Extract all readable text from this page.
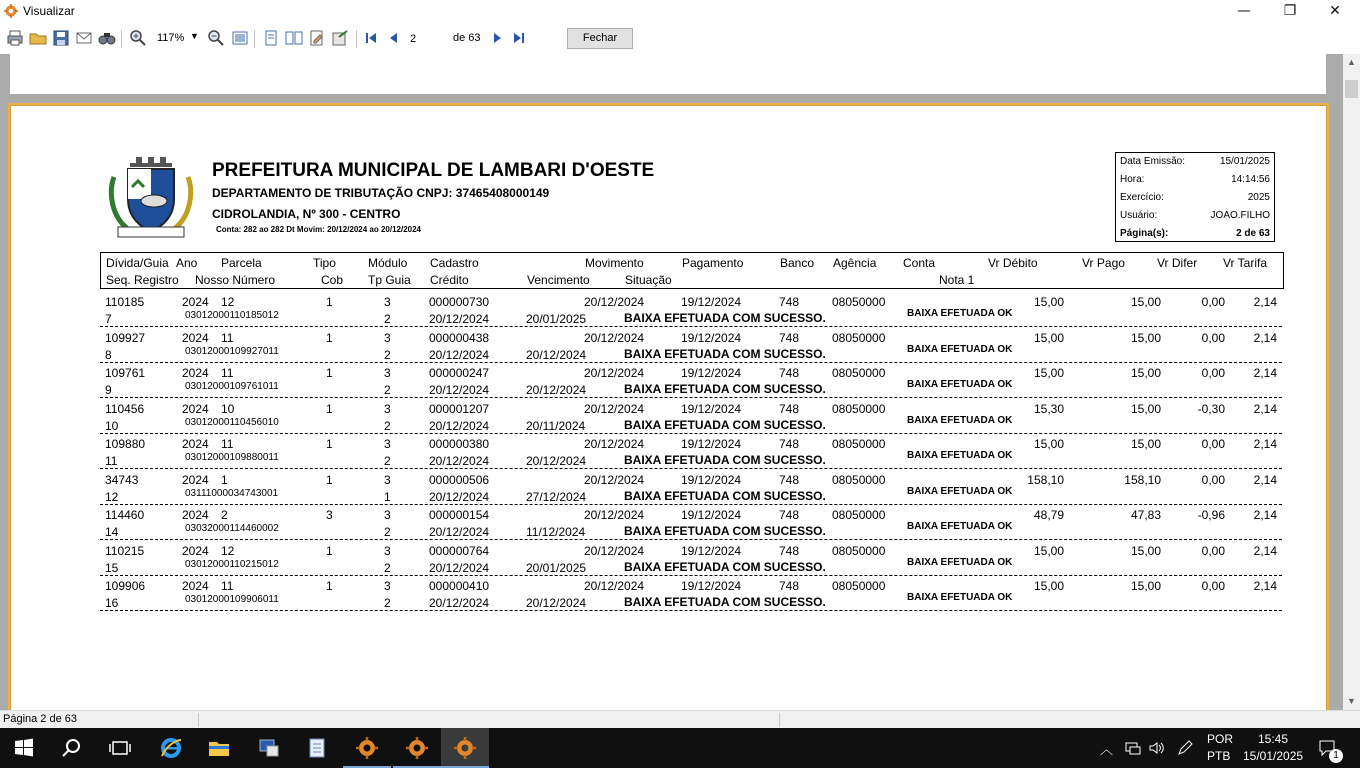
Visualizar	—	❐	✕
117% ▼
2	de 63	Fechar
PREFEITURA MUNICIPAL DE LAMBARI D'OESTE
DEPARTAMENTO DE TRIBUTAÇÃO CNPJ: 37465408000149
CIDROLANDIA, Nº 300 - CENTRO
Conta: 282 ao 282 Dt Movim: 20/12/2024 ao 20/12/2024
Data Emissão:	15/01/2025
Hora:	14:14:56
Exercício:	2025
Usuário:	JOAO.FILHO
Página(s):	2 de 63
Dívida/Guia Ano Parcela	Tipo	Módulo Cadastro	Movimento	Pagamento	Banco Agência Conta	Vr Débito	Vr Pago	Vr Difer Vr Tarifa
Seq. Registro Nosso Número	Cob Tp Guia Crédito	Vencimento	Situação	Nota 1
110185	2024 12	1	3	000000730	20/12/2024	19/12/2024	748	08050000	15,00	15,00	0,00 2,14
7	03012000110185012	2	20/12/2024	20/01/2025	BAIXA EFETUADA COM SUCESSO.	BAIXA EFETUADA OK
109927	2024 11	1	3	000000438	20/12/2024	19/12/2024	748	08050000	15,00	15,00	0,00 2,14
8	03012000109927011	2	20/12/2024	20/12/2024	BAIXA EFETUADA COM SUCESSO.	BAIXA EFETUADA OK
109761	2024 11	1	3	000000247	20/12/2024	19/12/2024	748	08050000	15,00	15,00	0,00 2,14
9	03012000109761011	2	20/12/2024	20/12/2024	BAIXA EFETUADA COM SUCESSO.	BAIXA EFETUADA OK
110456	2024 10	1	3	000001207	20/12/2024	19/12/2024	748	08050000	15,30	15,00	-0,30 2,14
10	03012000110456010	2	20/12/2024	20/11/2024	BAIXA EFETUADA COM SUCESSO.	BAIXA EFETUADA OK
109880	2024 11	1	3	000000380	20/12/2024	19/12/2024	748	08050000	15,00	15,00	0,00 2,14
11	03012000109880011	2	20/12/2024	20/12/2024	BAIXA EFETUADA COM SUCESSO.	BAIXA EFETUADA OK
34743	2024 1	1	3	000000506	20/12/2024	19/12/2024	748	08050000	158,10	158,10	0,00 2,14
12	03111000034743001	1	20/12/2024	27/12/2024	BAIXA EFETUADA COM SUCESSO.	BAIXA EFETUADA OK
114460	2024 2	3	3	000000154	20/12/2024	19/12/2024	748	08050000	48,79	47,83	-0,96 2,14
14	03032000114460002	2	20/12/2024	11/12/2024	BAIXA EFETUADA COM SUCESSO.	BAIXA EFETUADA OK
110215	2024 12	1	3	000000764	20/12/2024	19/12/2024	748	08050000	15,00	15,00	0,00 2,14
15	03012000110215012	2	20/12/2024	20/01/2025	BAIXA EFETUADA COM SUCESSO.	BAIXA EFETUADA OK
109906	2024 11	1	3	000000410	20/12/2024	19/12/2024	748	08050000	15,00	15,00	0,00 2,14
16	03012000109906011	2	20/12/2024	20/12/2024	BAIXA EFETUADA COM SUCESSO.	BAIXA EFETUADA OK
▲
▼
Página 2 de 63
︿
POR
PTB
15:45
15/01/2025	1
